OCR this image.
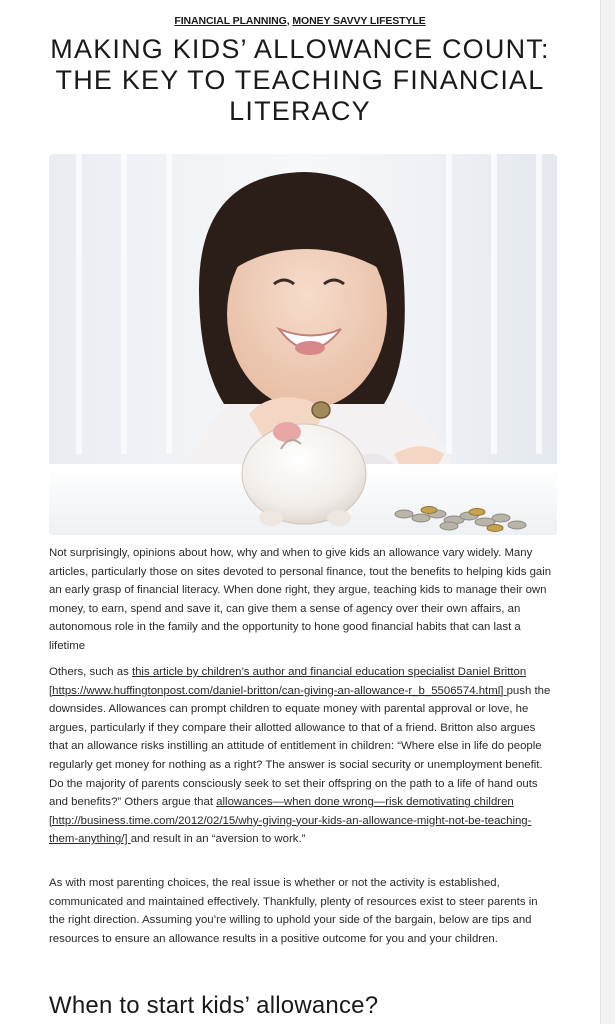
FINANCIAL PLANNING, MONEY SAVVY LIFESTYLE
MAKING KIDS’ ALLOWANCE COUNT: THE KEY TO TEACHING FINANCIAL LITERACY

Not surprisingly, opinions about how, why and when to give kids an allowance vary widely. Many articles, particularly those on sites devoted to personal finance, tout the benefits to helping kids gain an early grasp of financial literacy. When done right, they argue, teaching kids to manage their own money, to earn, spend and save it, can give them a sense of agency over their own affairs, an autonomous role in the family and the opportunity to hone good financial habits that can last a lifetime

Others, such as this article by children’s author and financial education specialist Daniel Britton [https://www.huffingtonpost.com/daniel-britton/can-giving-an-allowance-r_b_5506574.html] push the downsides. Allowances can prompt children to equate money with parental approval or love, he argues, particularly if they compare their allotted allowance to that of a friend. Britton also argues that an allowance risks instilling an attitude of entitlement in children: “Where else in life do people regularly get money for nothing as a right? The answer is social security or unemployment benefit. Do the majority of parents consciously seek to set their offspring on the path to a life of hand outs and benefits?” Others argue that allowances—when done wrong—risk demotivating children [http://business.time.com/2012/02/15/why-giving-your-kids-an-allowance-might-not-be-teaching-them-anything/] and result in an “aversion to work.”

As with most parenting choices, the real issue is whether or not the activity is established, communicated and maintained effectively. Thankfully, plenty of resources exist to steer parents in the right direction. Assuming you’re willing to uphold your side of the bargain, below are tips and resources to ensure an allowance results in a positive outcome for you and your children.

When to start kids’ allowance?
